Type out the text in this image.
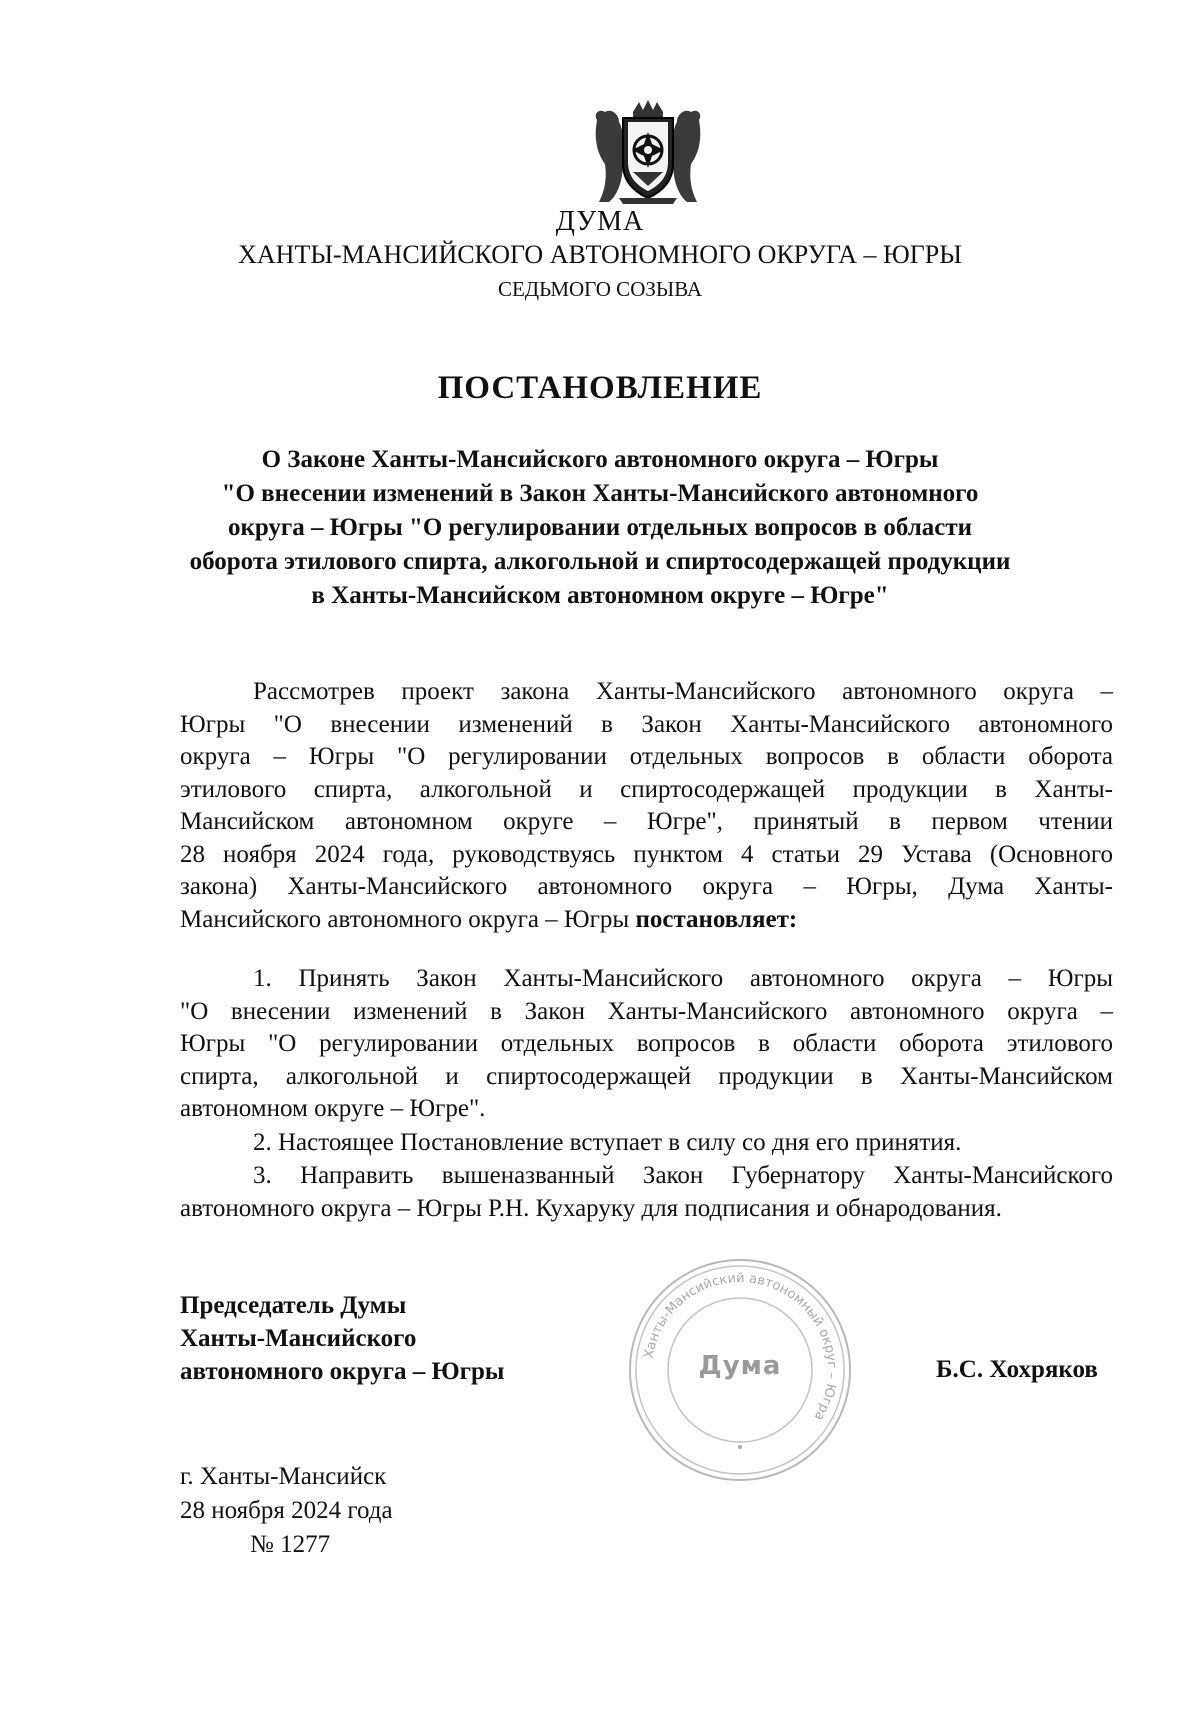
ДУМА
ХАНТЫ-МАНСИЙСКОГО АВТОНОМНОГО ОКРУГА – ЮГРЫ
СЕДЬМОГО СОЗЫВА
ПОСТАНОВЛЕНИЕ
О Законе Ханты-Мансийского автономного округа – Югры
"О внесении изменений в Закон Ханты-Мансийского автономного
округа – Югры "О регулировании отдельных вопросов в области
оборота этилового спирта, алкогольной и спиртосодержащей продукции
в Ханты-Мансийском автономном округе – Югре"
Рассмотрев проект закона Ханты-Мансийского автономного округа –
Югры "О внесении изменений в Закон Ханты-Мансийского автономного
округа – Югры "О регулировании отдельных вопросов в области оборота
этилового спирта, алкогольной и спиртосодержащей продукции в Ханты-
Мансийском автономном округе – Югре", принятый в первом чтении
28 ноября 2024 года, руководствуясь пунктом 4 статьи 29 Устава (Основного
закона) Ханты-Мансийского автономного округа – Югры, Дума Ханты-
Мансийского автономного округа – Югры постановляет:
1. Принять Закон Ханты-Мансийского автономного округа – Югры
"О внесении изменений в Закон Ханты-Мансийского автономного округа –
Югры "О регулировании отдельных вопросов в области оборота этилового
спирта, алкогольной и спиртосодержащей продукции в Ханты-Мансийском
автономном округе – Югре".
2. Настоящее Постановление вступает в силу со дня его принятия.
3. Направить вышеназванный Закон Губернатору Ханты-Мансийского
автономного округа – Югры Р.Н. Кухаруку для подписания и обнародования.
Председатель Думы
Ханты-Мансийского
автономного округа – Югры
Ханты-Мансийский автономный округ – Югра
Дума	Б.С. Хохряков
г. Ханты-Мансийск
28 ноября 2024 года
№ 1277
